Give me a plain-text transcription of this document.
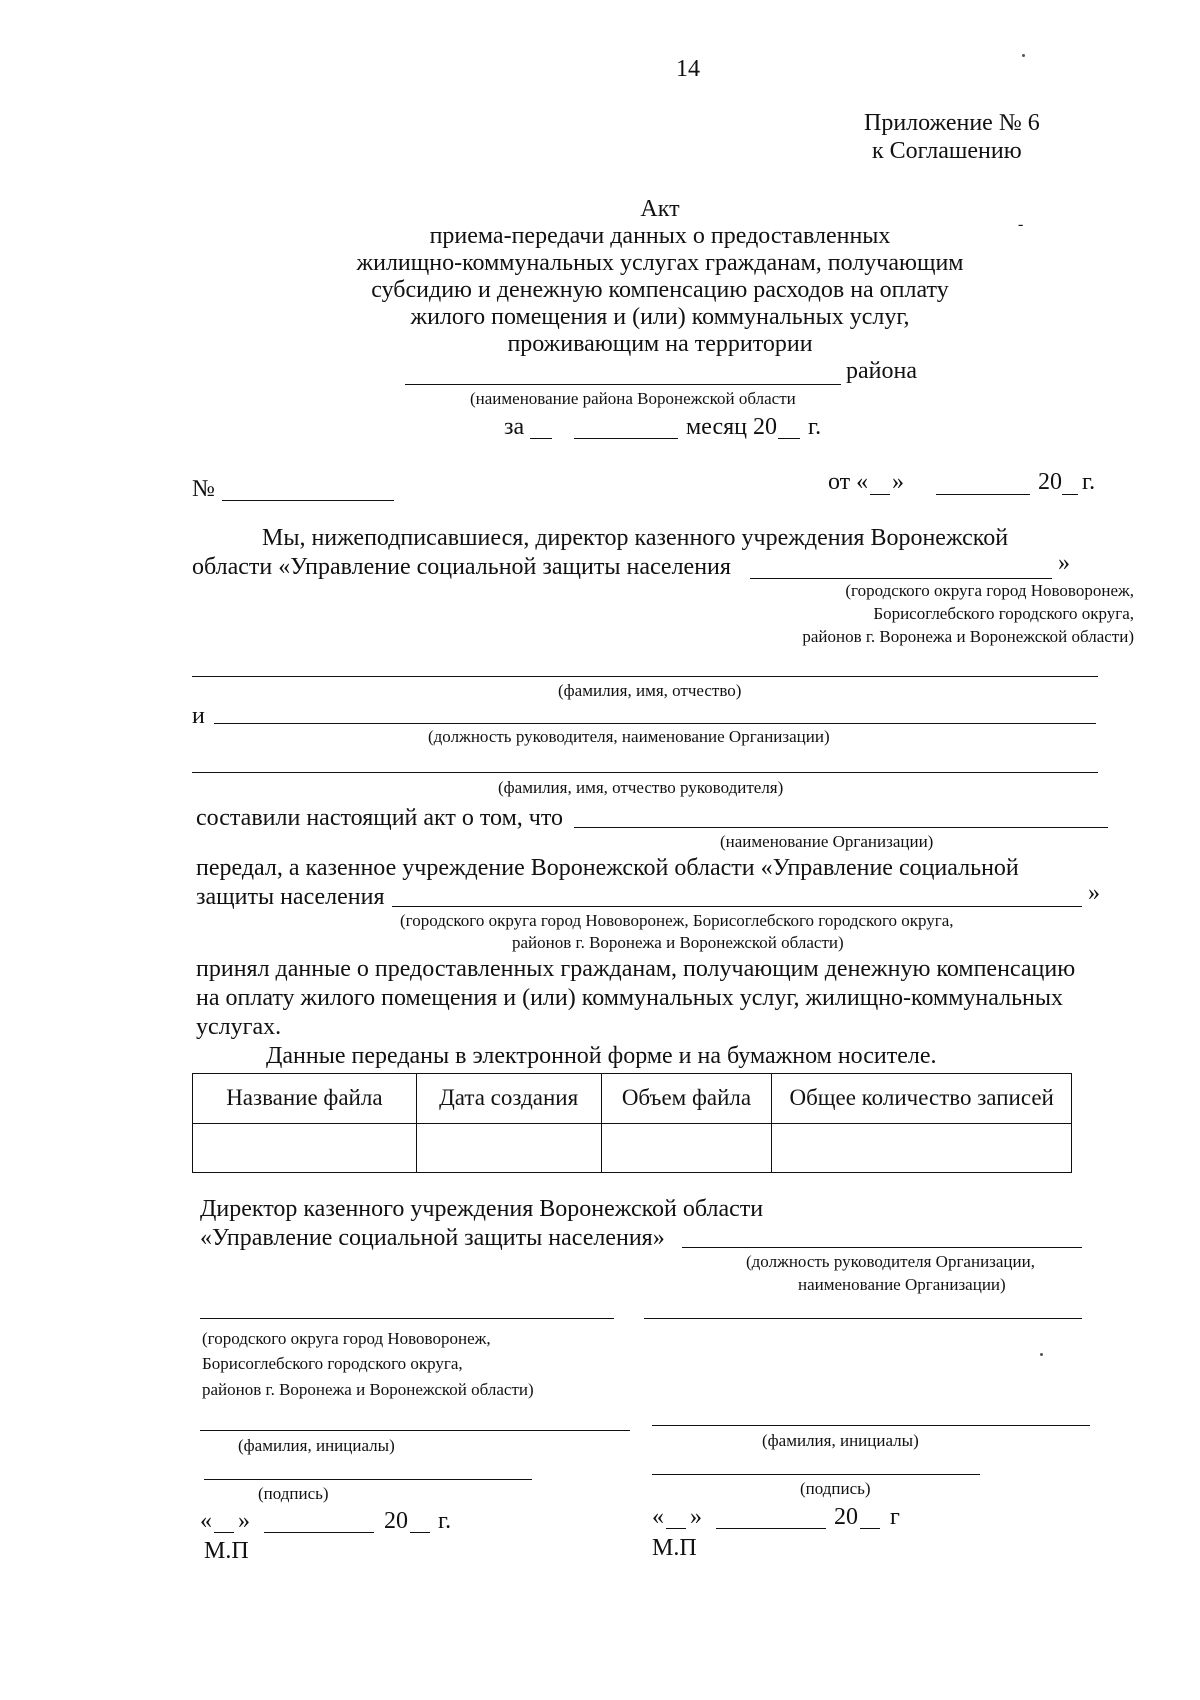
14
Приложение № 6
к Соглашению
Акт
приема-передачи данных о предоставленных
жилищно-коммунальных услугах гражданам, получающим
субсидию и денежную компенсацию расходов на оплату
жилого помещения и (или) коммунальных услуг,
проживающим на территории
района
(наименование района Воронежской области
за	месяц 20 г.
-
№	от « »	20 г.
Мы, нижеподписавшиеся, директор казенного учреждения Воронежской
области «Управление социальной защиты населения	»
(городского округа город Нововоронеж,
Борисоглебского городского округа,
районов г. Воронежа и Воронежской области)
(фамилия, имя, отчество)
и
(должность руководителя, наименование Организации)
(фамилия, имя, отчество руководителя)
составили настоящий акт о том, что
(наименование Организации)
передал, а казенное учреждение Воронежской области «Управление социальной
защиты населения	»
(городского округа город Нововоронеж, Борисоглебского городского округа,
районов г. Воронежа и Воронежской области)
принял данные о предоставленных гражданам, получающим денежную компенсацию
на оплату жилого помещения и (или) коммунальных услуг, жилищно-коммунальных
услугах.
Данные переданы в электронной форме и на бумажном носителе.
Название файла	Дата создания	Объем файла	Общее количество записей

Директор казенного учреждения Воронежской области
«Управление социальной защиты населения»
(должность руководителя Организации,
наименование Организации)
(городского округа город Нововоронеж,
Борисоглебского городского округа,
районов г. Воронежа и Воронежской области)
(фамилия, инициалы)	(фамилия, инициалы)
(подпись)	(подпись)
« »	20 г.
М.П
« »	20 г
М.П
